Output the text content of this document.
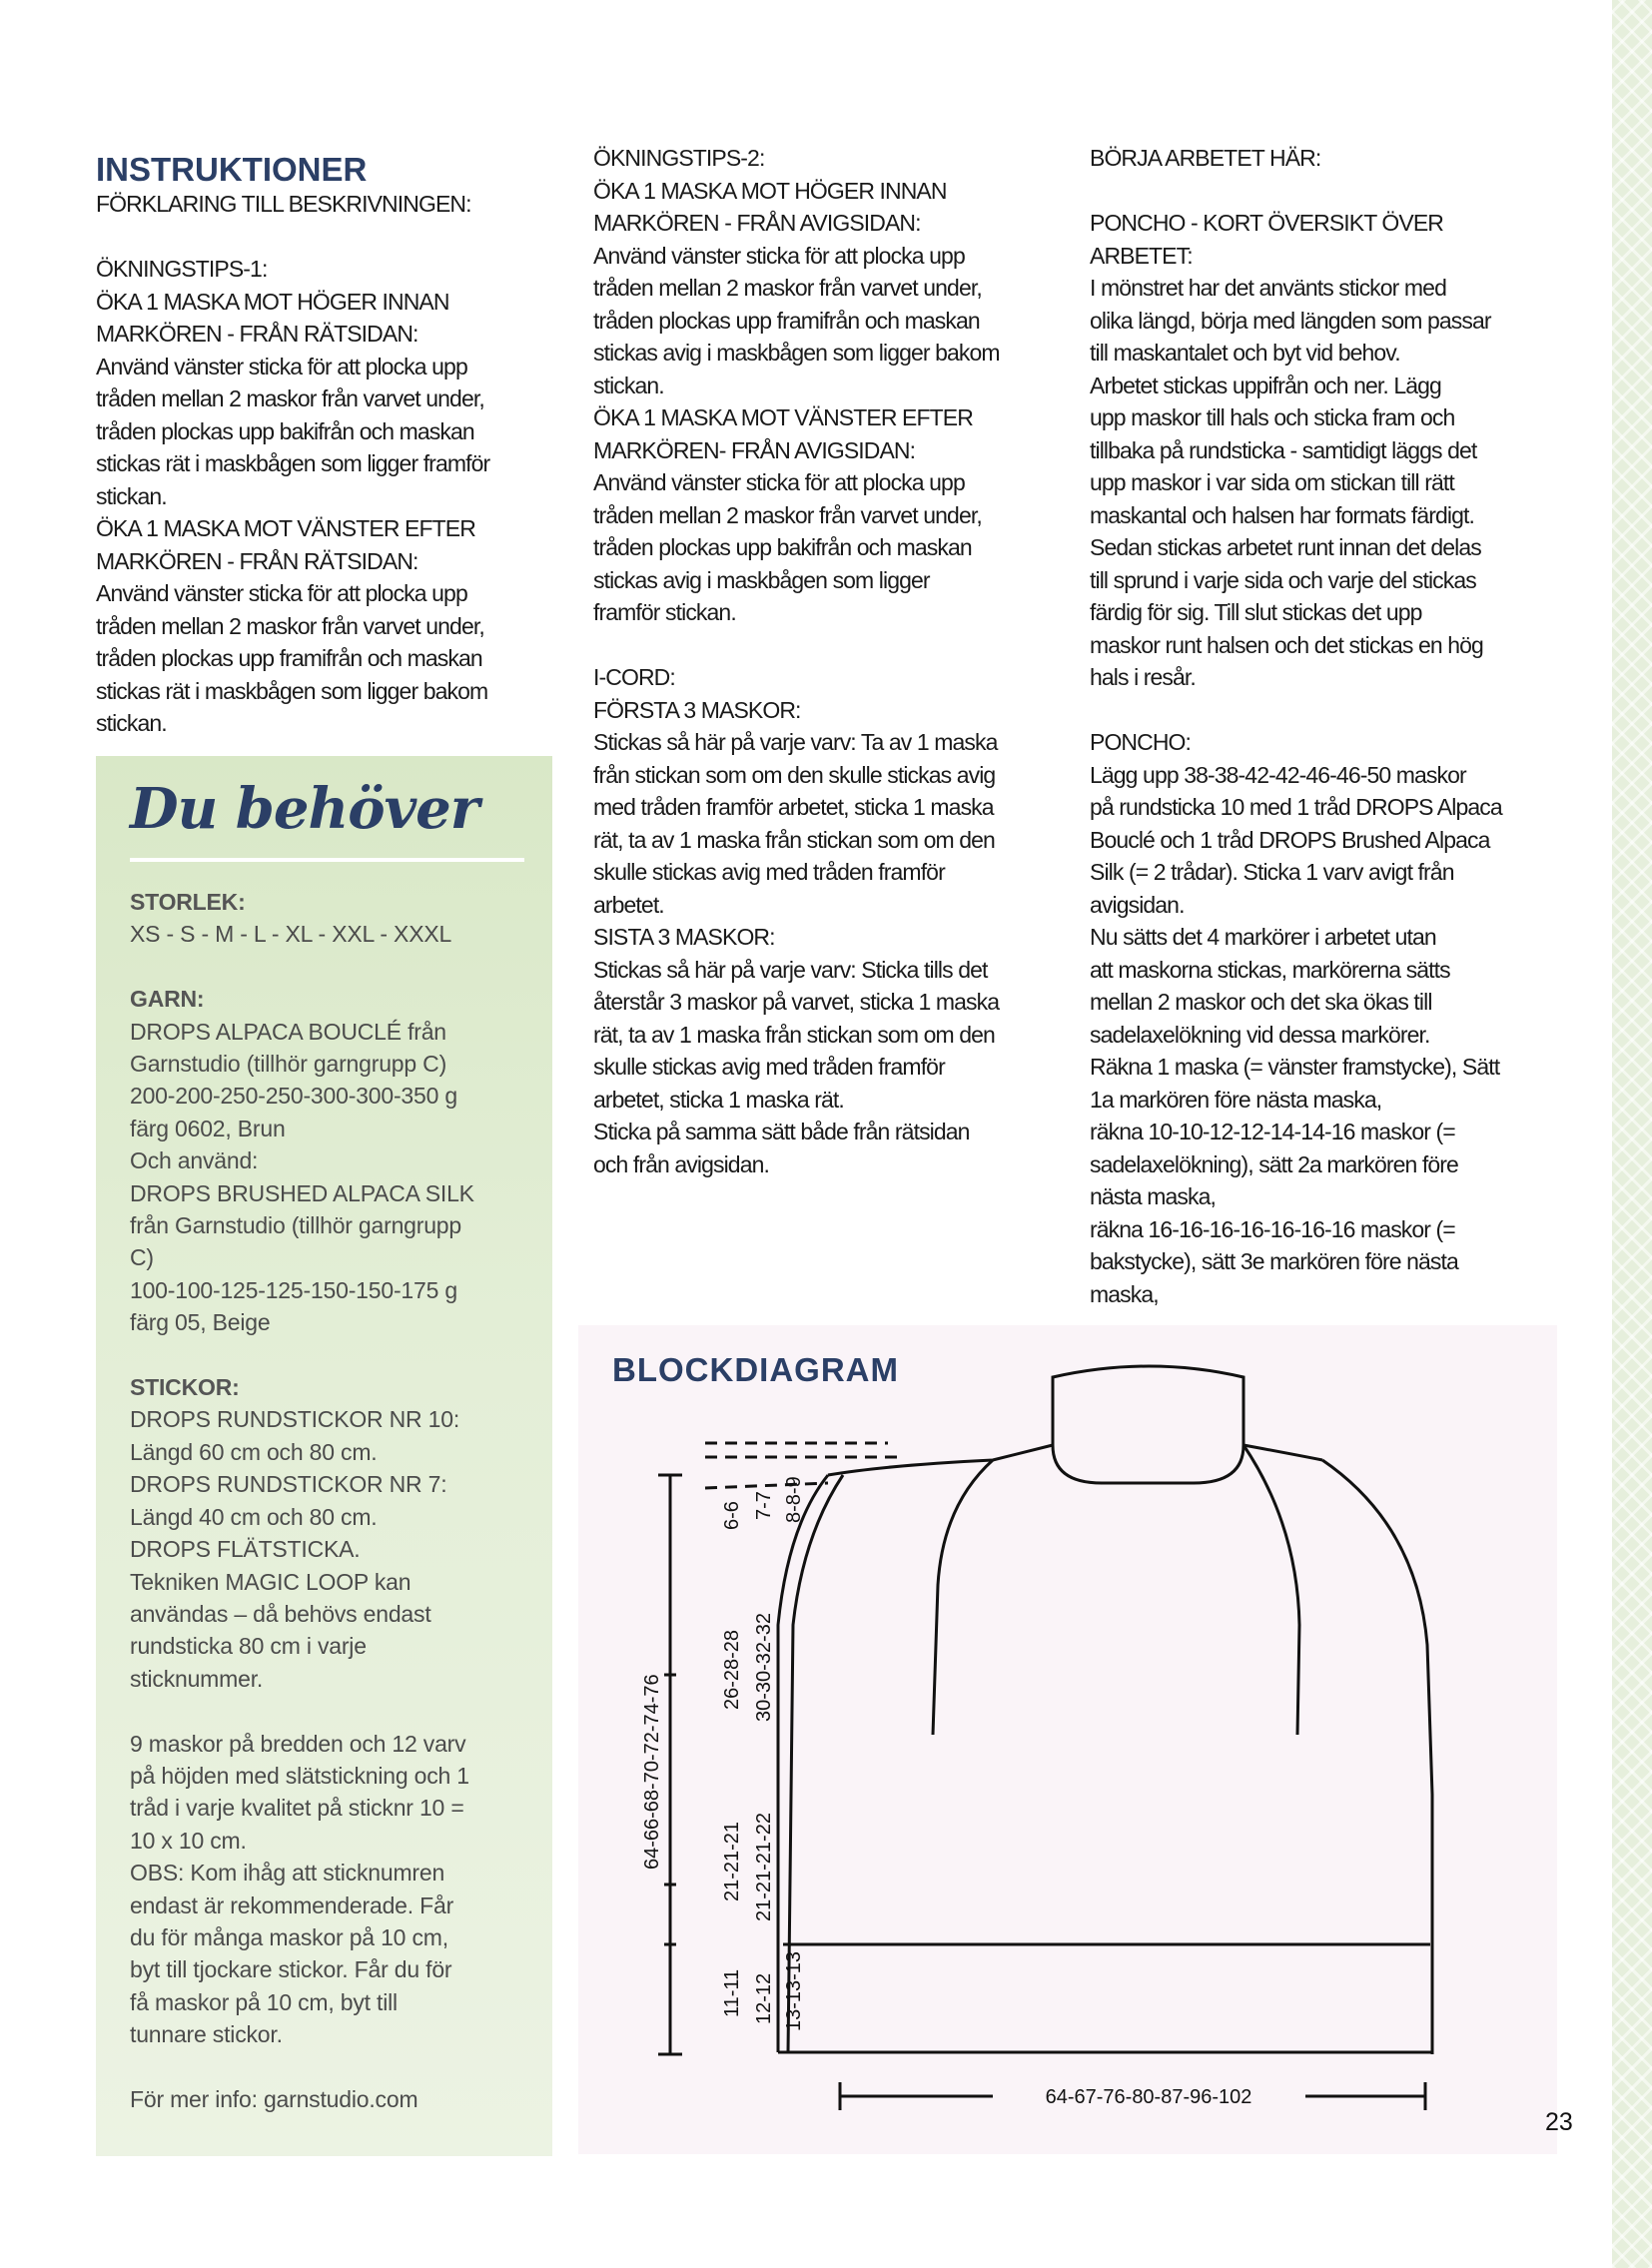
INSTRUKTIONER

FÖRKLARING TILL BESKRIVNINGEN:

ÖKNINGSTIPS-1:

ÖKA 1 MASKA MOT HÖGER INNAN
MARKÖREN - FRÅN RÄTSIDAN:

Använd vänster sticka för att plocka upp
tråden mellan 2 maskor från varvet under,
tråden plockas upp bakifrån och maskan
stickas rät i maskbågen som ligger framför
stickan.

ÖKA 1 MASKA MOT VÄNSTER EFTER
MARKÖREN - FRÅN RÄTSIDAN:

Använd vänster sticka för att plocka upp
tråden mellan 2 maskor från varvet under,
tråden plockas upp framifrån och maskan
stickas rät i maskbågen som ligger bakom
stickan.

Du behöver

STORLEK:

XS - S - M - L - XL - XXL - XXXL

GARN:

DROPS ALPACA BOUCLÉ från
Garnstudio (tillhör garngrupp C)
200-200-250-250-300-300-350 g
färg 0602, Brun
Och använd:
DROPS BRUSHED ALPACA SILK
från Garnstudio (tillhör garngrupp
C)
100-100-125-125-150-150-175 g
färg 05, Beige

STICKOR:

DROPS RUNDSTICKOR NR 10:
Längd 60 cm och 80 cm.
DROPS RUNDSTICKOR NR 7:
Längd 40 cm och 80 cm.
DROPS FLÄTSTICKA.
Tekniken MAGIC LOOP kan
användas – då behövs endast
rundsticka 80 cm i varje
sticknummer.

9 maskor på bredden och 12 varv
på höjden med slätstickning och 1
tråd i varje kvalitet på sticknr 10 =
10 x 10 cm.
OBS: Kom ihåg att sticknumren
endast är rekommenderade. Får
du för många maskor på 10 cm,
byt till tjockare stickor. Får du för
få maskor på 10 cm, byt till
tunnare stickor.

För mer info: garnstudio.com

ÖKNINGSTIPS-2:

ÖKA 1 MASKA MOT HÖGER INNAN
MARKÖREN - FRÅN AVIGSIDAN:

Använd vänster sticka för att plocka upp
tråden mellan 2 maskor från varvet under,
tråden plockas upp framifrån och maskan
stickas avig i maskbågen som ligger bakom
stickan.

ÖKA 1 MASKA MOT VÄNSTER EFTER
MARKÖREN- FRÅN AVIGSIDAN:

Använd vänster sticka för att plocka upp
tråden mellan 2 maskor från varvet under,
tråden plockas upp bakifrån och maskan
stickas avig i maskbågen som ligger
framför stickan.

I-CORD:

FÖRSTA 3 MASKOR:

Stickas så här på varje varv: Ta av 1 maska
från stickan som om den skulle stickas avig
med tråden framför arbetet, sticka 1 maska
rät, ta av 1 maska från stickan som om den
skulle stickas avig med tråden framför
arbetet.

SISTA 3 MASKOR:

Stickas så här på varje varv: Sticka tills det
återstår 3 maskor på varvet, sticka 1 maska
rät, ta av 1 maska från stickan som om den
skulle stickas avig med tråden framför
arbetet, sticka 1 maska rät.
Sticka på samma sätt både från rätsidan
och från avigsidan.

BÖRJA ARBETET HÄR:

PONCHO - KORT ÖVERSIKT ÖVER
ARBETET:

I mönstret har det använts stickor med
olika längd, börja med längden som passar
till maskantalet och byt vid behov.
Arbetet stickas uppifrån och ner. Lägg
upp maskor till hals och sticka fram och
tillbaka på rundsticka - samtidigt läggs det
upp maskor i var sida om stickan till rätt
maskantal och halsen har formats färdigt.
Sedan stickas arbetet runt innan det delas
till sprund i varje sida och varje del stickas
färdig för sig. Till slut stickas det upp
maskor runt halsen och det stickas en hög
hals i resår.

PONCHO:

Lägg upp 38-38-42-42-46-46-50 maskor
på rundsticka 10 med 1 tråd DROPS Alpaca
Bouclé och 1 tråd DROPS Brushed Alpaca
Silk (= 2 trådar). Sticka 1 varv avigt från
avigsidan.
Nu sätts det 4 markörer i arbetet utan
att maskorna stickas, markörerna sätts
mellan 2 maskor och det ska ökas till
sadelaxelökning vid dessa markörer.
Räkna 1 maska (= vänster framstycke), Sätt
1a markören före nästa maska,
räkna 10-10-12-12-14-14-16 maskor (=
sadelaxelökning), sätt 2a markören före
nästa maska,
räkna 16-16-16-16-16-16-16 maskor (=
bakstycke), sätt 3e markören före nästa
maska,

BLOCKDIAGRAM
64-66-68-70-72-74-76
6-6 7-7 8-8-9
26-28-28 30-30-32-32
21-21-21 21-21-21-22
11-11 12-12 13-13-13
64-67-76-80-87-96-102
23
